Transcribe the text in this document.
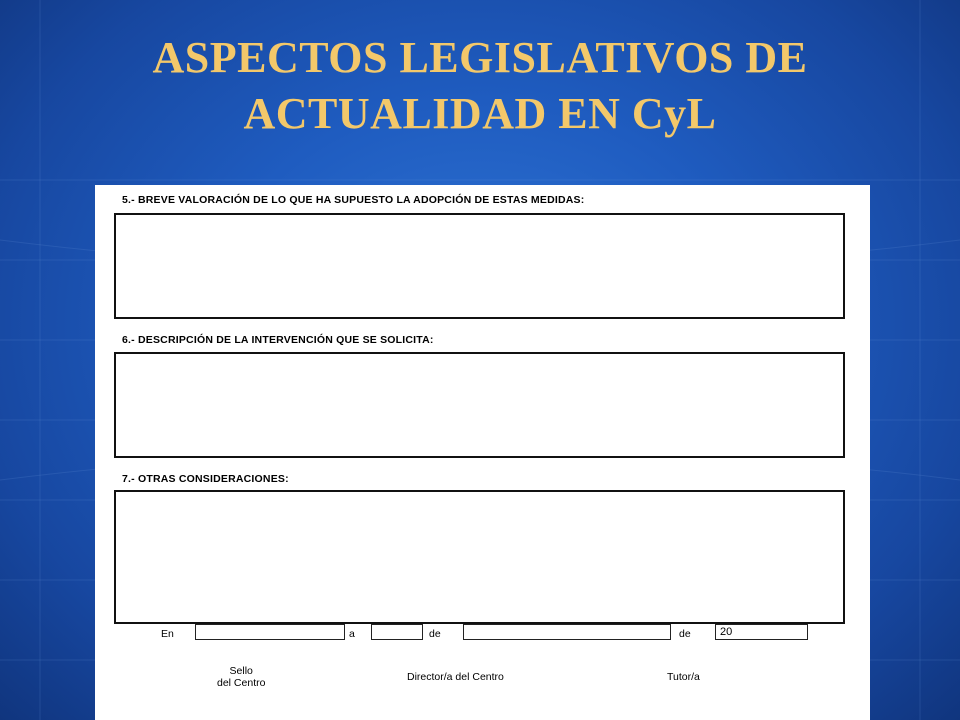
ASPECTOS LEGISLATIVOS DE
ACTUALIDAD EN CyL
5.- BREVE VALORACIÓN DE LO QUE HA SUPUESTO LA ADOPCIÓN DE ESTAS MEDIDAS:
6.- DESCRIPCIÓN DE LA INTERVENCIÓN QUE SE SOLICITA:
7.- OTRAS CONSIDERACIONES:
En	a	de	de	20
Sello
del Centro	Director/a del Centro	Tutor/a
